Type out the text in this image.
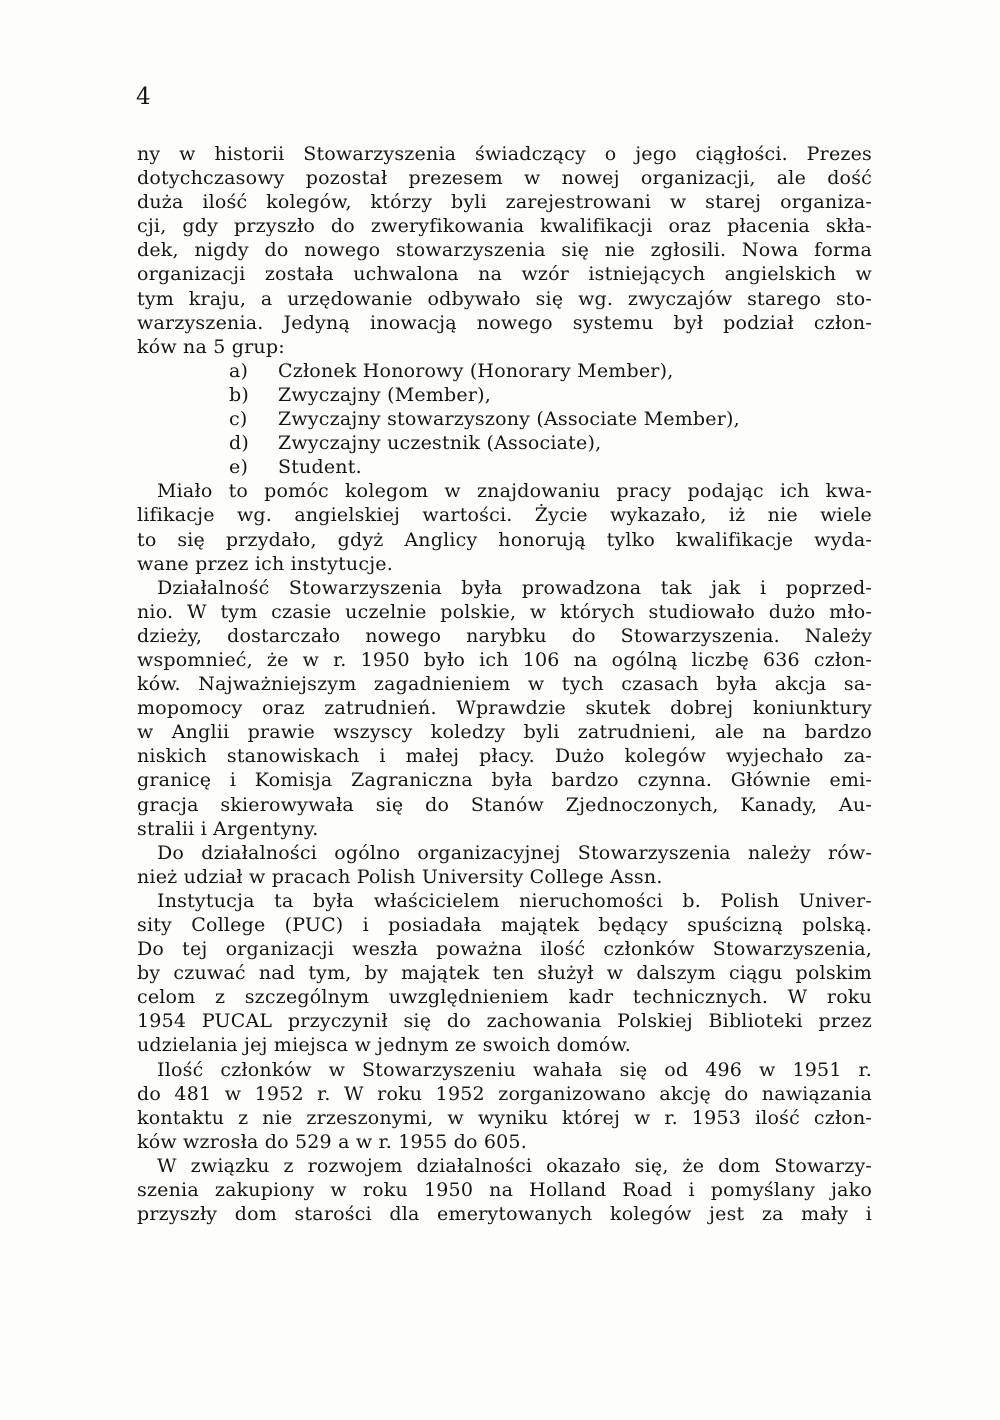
4
ny w historii Stowarzyszenia świadczący o jego ciągłości. Prezes
dotychczasowy pozostał prezesem w nowej organizacji, ale dość
duża ilość kolegów, którzy byli zarejestrowani w starej organiza-
cji, gdy przyszło do zweryfikowania kwalifikacji oraz płacenia skła-
dek, nigdy do nowego stowarzyszenia się nie zgłosili. Nowa forma
organizacji została uchwalona na wzór istniejących angielskich w
tym kraju, a urzędowanie odbywało się wg. zwyczajów starego sto-
warzyszenia. Jedyną inowacją nowego systemu był podział człon-
ków na 5 grup:
a)	Członek Honorowy (Honorary Member),
b)	Zwyczajny (Member),
c)	Zwyczajny stowarzyszony (Associate Member),
d)	Zwyczajny uczestnik (Associate),
e)	Student.
Miało to pomóc kolegom w znajdowaniu pracy podając ich kwa-
lifikacje wg. angielskiej wartości. Życie wykazało, iż nie wiele
to się przydało, gdyż Anglicy honorują tylko kwalifikacje wyda-
wane przez ich instytucje.
Działalność Stowarzyszenia była prowadzona tak jak i poprzed-
nio. W tym czasie uczelnie polskie, w których studiowało dużo mło-
dzieży, dostarczało nowego narybku do Stowarzyszenia. Należy
wspomnieć, że w r. 1950 było ich 106 na ogólną liczbę 636 człon-
ków. Najważniejszym zagadnieniem w tych czasach była akcja sa-
mopomocy oraz zatrudnień. Wprawdzie skutek dobrej koniunktury
w Anglii prawie wszyscy koledzy byli zatrudnieni, ale na bardzo
niskich stanowiskach i małej płacy. Dużo kolegów wyjechało za-
granicę i Komisja Zagraniczna była bardzo czynna. Głównie emi-
gracja skierowywała się do Stanów Zjednoczonych, Kanady, Au-
stralii i Argentyny.
Do działalności ogólno organizacyjnej Stowarzyszenia należy rów-
nież udział w pracach Polish University College Assn.
Instytucja ta była właścicielem nieruchomości b. Polish Univer-
sity College (PUC) i posiadała majątek będący spuścizną polską.
Do tej organizacji weszła poważna ilość członków Stowarzyszenia,
by czuwać nad tym, by majątek ten służył w dalszym ciągu polskim
celom z szczególnym uwzględnieniem kadr technicznych. W roku
1954 PUCAL przyczynił się do zachowania Polskiej Biblioteki przez
udzielania jej miejsca w jednym ze swoich domów.
Ilość członków w Stowarzyszeniu wahała się od 496 w 1951 r.
do 481 w 1952 r. W roku 1952 zorganizowano akcję do nawiązania
kontaktu z nie zrzeszonymi, w wyniku której w r. 1953 ilość człon-
ków wzrosła do 529 a w r. 1955 do 605.
W związku z rozwojem działalności okazało się, że dom Stowarzy-
szenia zakupiony w roku 1950 na Holland Road i pomyślany jako
przyszły dom starości dla emerytowanych kolegów jest za mały i
